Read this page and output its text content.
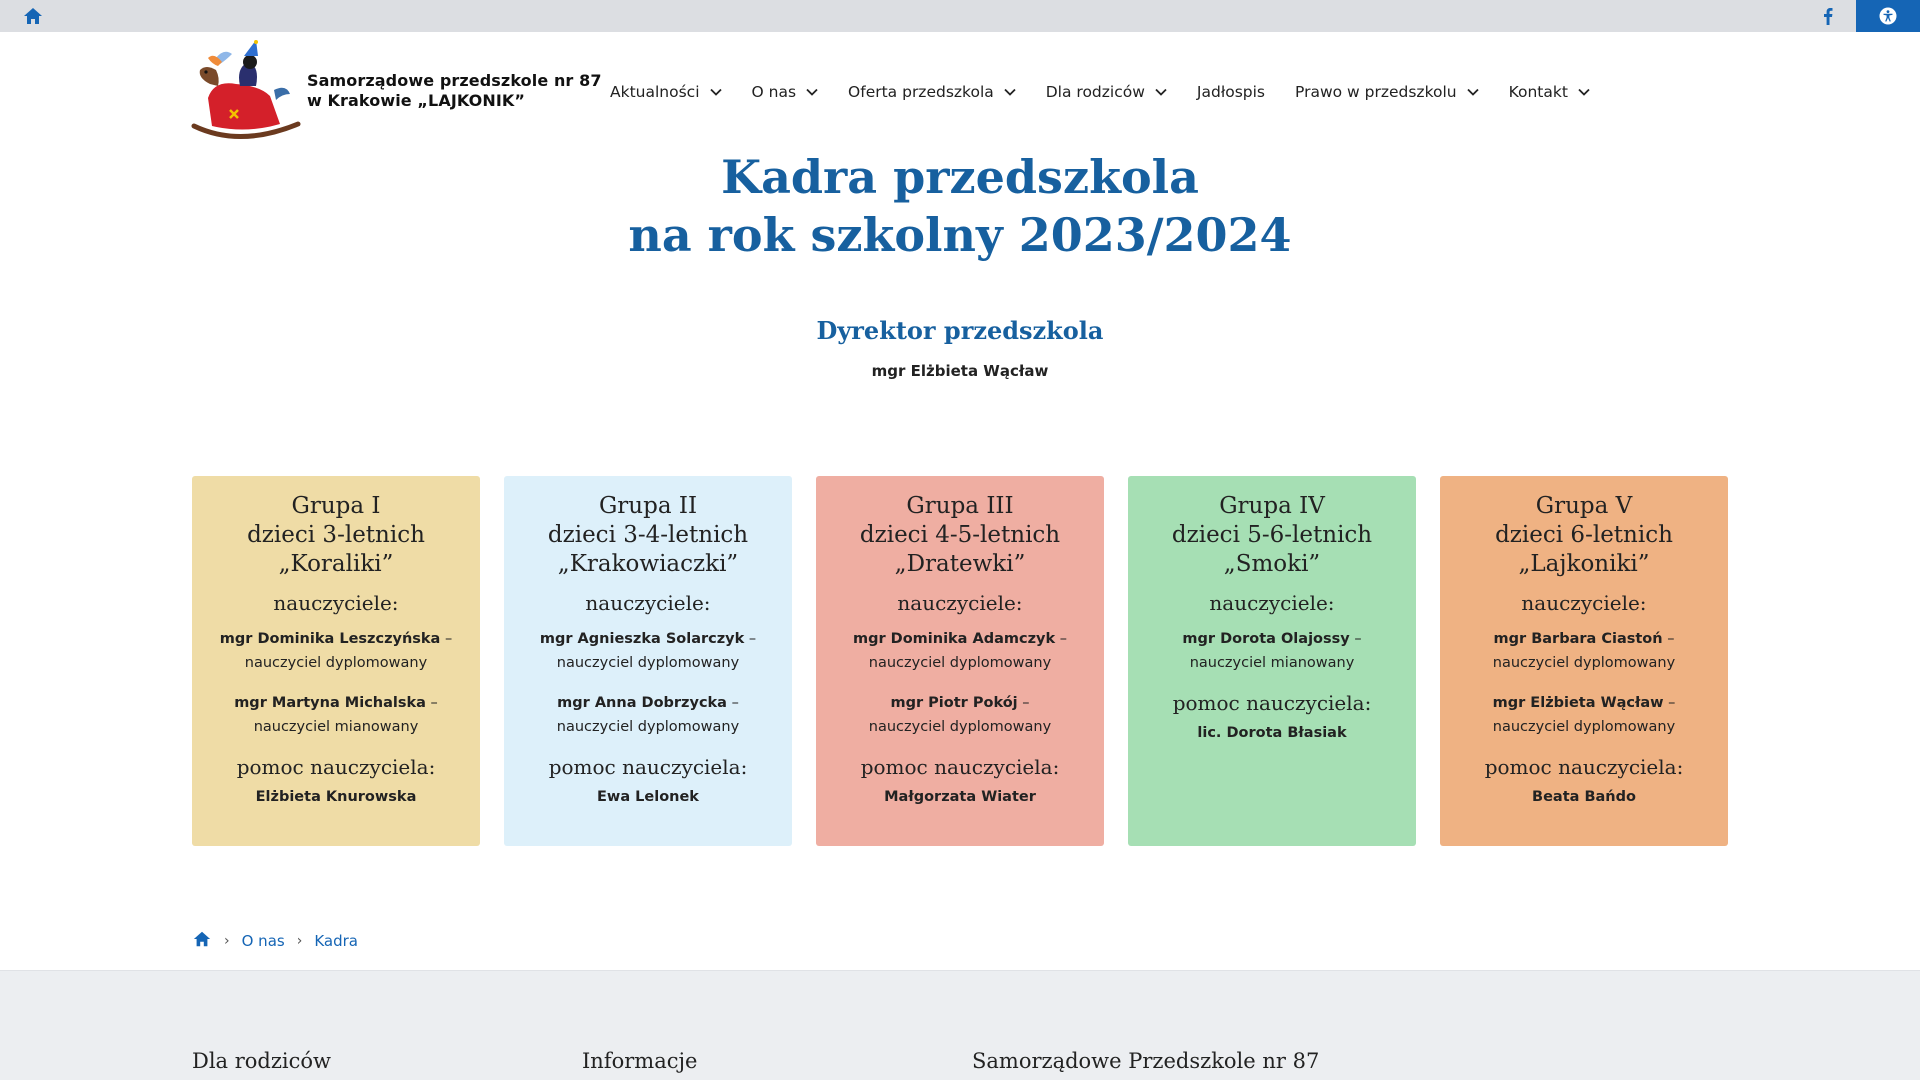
Samorządowe przedszkole nr 87
w Krakowie „LAJKONIK”	Aktualności	O nas	Oferta przedszkola	Dla rodziców	Jadłospis Prawo w przedszkolu	Kontakt
Kadra przedszkola
na rok szkolny 2023/2024
Dyrektor przedszkola
mgr Elżbieta Wącław
Grupa I
dzieci 3-letnich
„Koraliki”
nauczyciele:
mgr Dominika Leszczyńska –
nauczyciel dyplomowany
mgr Martyna Michalska –
nauczyciel mianowany
pomoc nauczyciela:
Elżbieta Knurowska
Grupa II
dzieci 3-4-letnich
„Krakowiaczki”
nauczyciele:
mgr Agnieszka Solarczyk –
nauczyciel dyplomowany
mgr Anna Dobrzycka –
nauczyciel dyplomowany
pomoc nauczyciela:
Ewa Lelonek
Grupa III
dzieci 4-5-letnich
„Dratewki”
nauczyciele:
mgr Dominika Adamczyk –
nauczyciel dyplomowany
mgr Piotr Pokój –
nauczyciel dyplomowany
pomoc nauczyciela:
Małgorzata Wiater
Grupa IV
dzieci 5-6-letnich
„Smoki”
nauczyciele:
mgr Dorota Olajossy –
nauczyciel mianowany
pomoc nauczyciela:
lic. Dorota Błasiak
Grupa V
dzieci 6-letnich
„Lajkoniki”
nauczyciele:
mgr Barbara Ciastoń –
nauczyciel dyplomowany
mgr Elżbieta Wącław –
nauczyciel dyplomowany
pomoc nauczyciela:
Beata Bańdo
› O nas › Kadra
Dla rodziców	Informacje	Samorządowe Przedszkole nr 87
